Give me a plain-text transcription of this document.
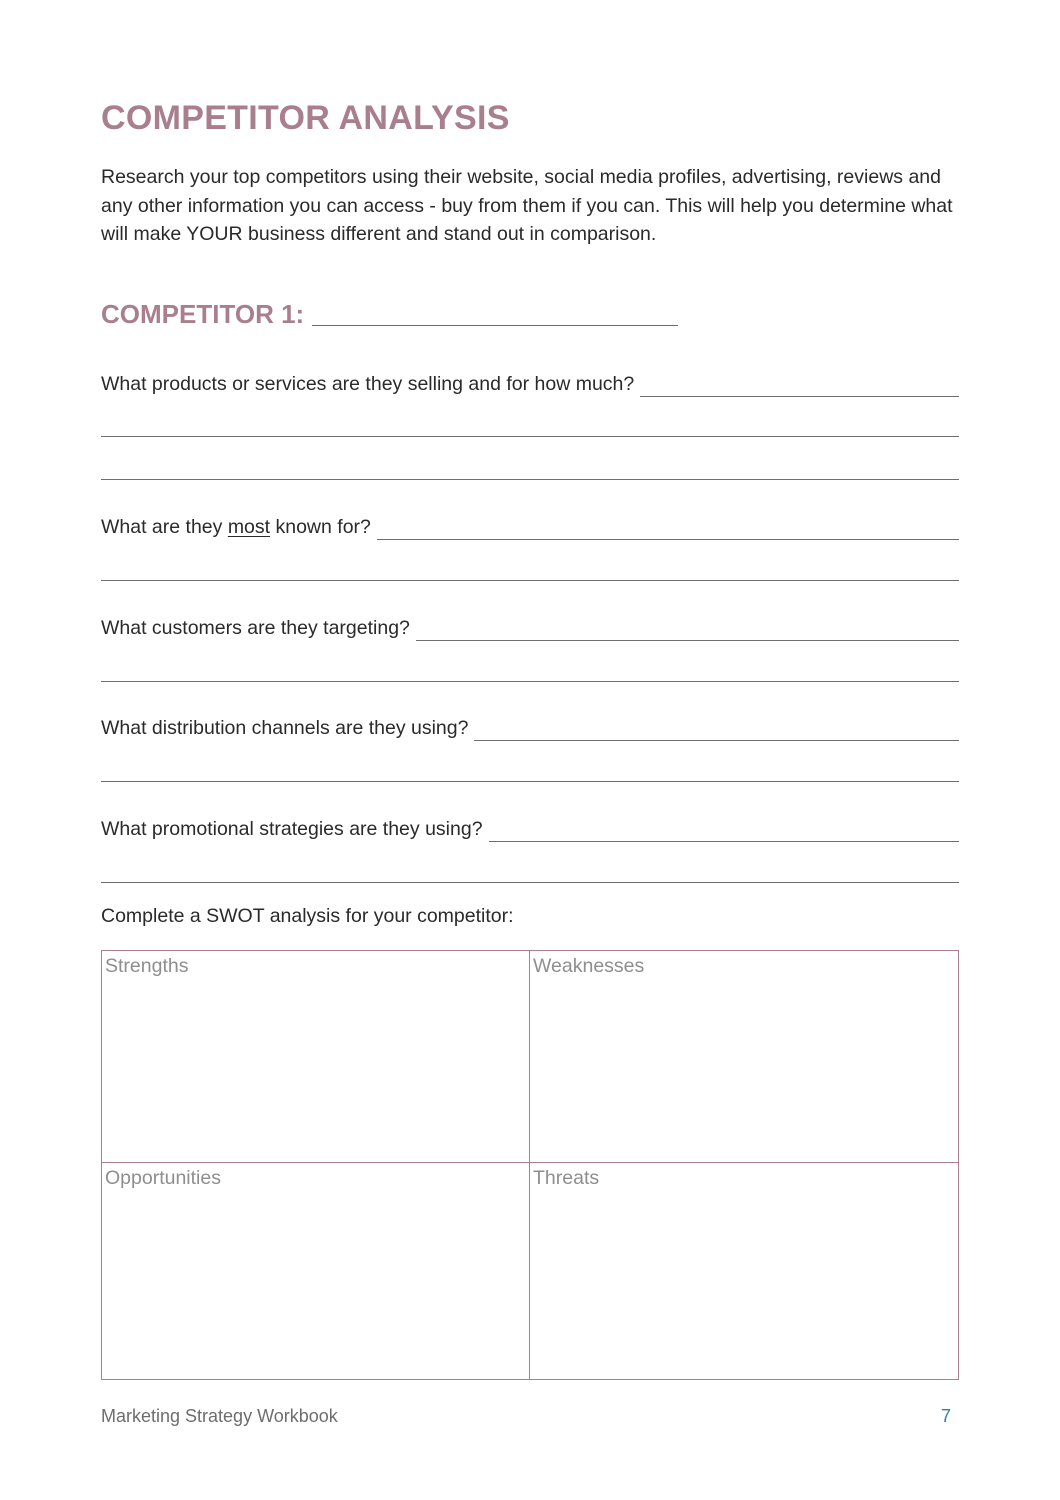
COMPETITOR ANALYSIS
Research your top competitors using their website, social media profiles, advertising, reviews and any other information you can access - buy from them if you can. This will help you determine what will make YOUR business different and stand out in comparison.
COMPETITOR 1:
What products or services are they selling and for how much?
What are they most known for?
What customers are they targeting?
What distribution channels are they using?
What promotional strategies are they using?
Complete a SWOT analysis for your competitor:
Strengths	Weaknesses
Opportunities	Threats
Marketing Strategy Workbook	7
